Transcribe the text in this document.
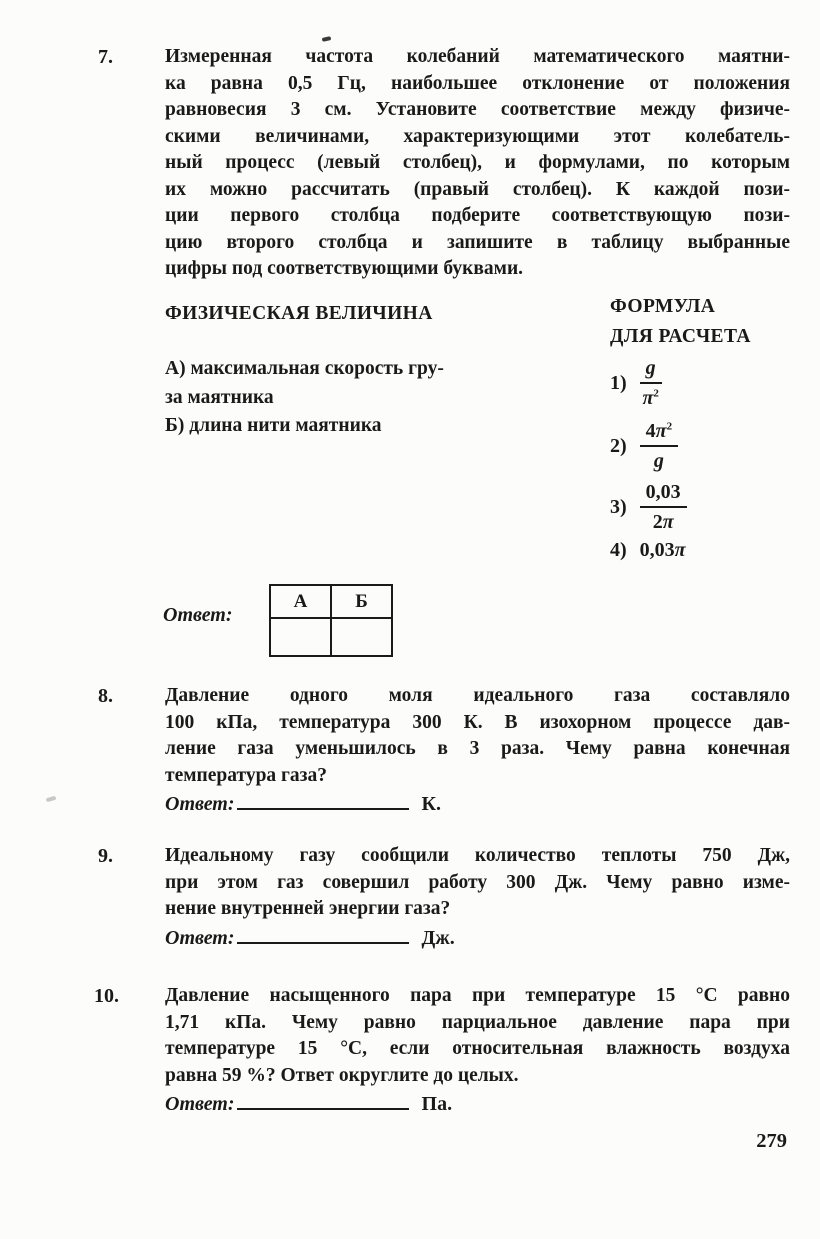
7.	Измеренная частота колебаний математического маятни-
ка равна 0,5 Гц, наибольшее отклонение от положения
равновесия 3 см. Установите соответствие между физиче-
скими величинами, характеризующими этот колебатель-
ный процесс (левый столбец), и формулами, по которым
их можно рассчитать (правый столбец). К каждой пози-
ции первого столбца подберите соответствующую пози-
цию второго столбца и запишите в таблицу выбранные
цифры под соответствующими буквами.
ФИЗИЧЕСКАЯ ВЕЛИЧИНА	ФОРМУЛА
ДЛЯ РАСЧЕТА
А) максимальная скорость гру-
за маятника
Б) длина нити маятника
$1) \frac{g}{\pi^2}$
$2) \frac{4\pi^2}{g}$
$3) \frac{0,03}{2\pi}$
4) 0,03π
Ответ:
А	Б

8.	Давление одного моля идеального газа составляло
100 кПа, температура 300 К. В изохорном процессе дав-
ление газа уменьшилось в 3 раза. Чему равна конечная
температура газа?
Ответ:	К.
9.	Идеальному газу сообщили количество теплоты 750 Дж,
при этом газ совершил работу 300 Дж. Чему равно изме-
нение внутренней энергии газа?
Ответ:	Дж.
10.	Давление насыщенного пара при температуре 15 °С равно
1,71 кПа. Чему равно парциальное давление пара при
температуре 15 °С, если относительная влажность воздуха
равна 59 %? Ответ округлите до целых.
Ответ:	Па.
279
